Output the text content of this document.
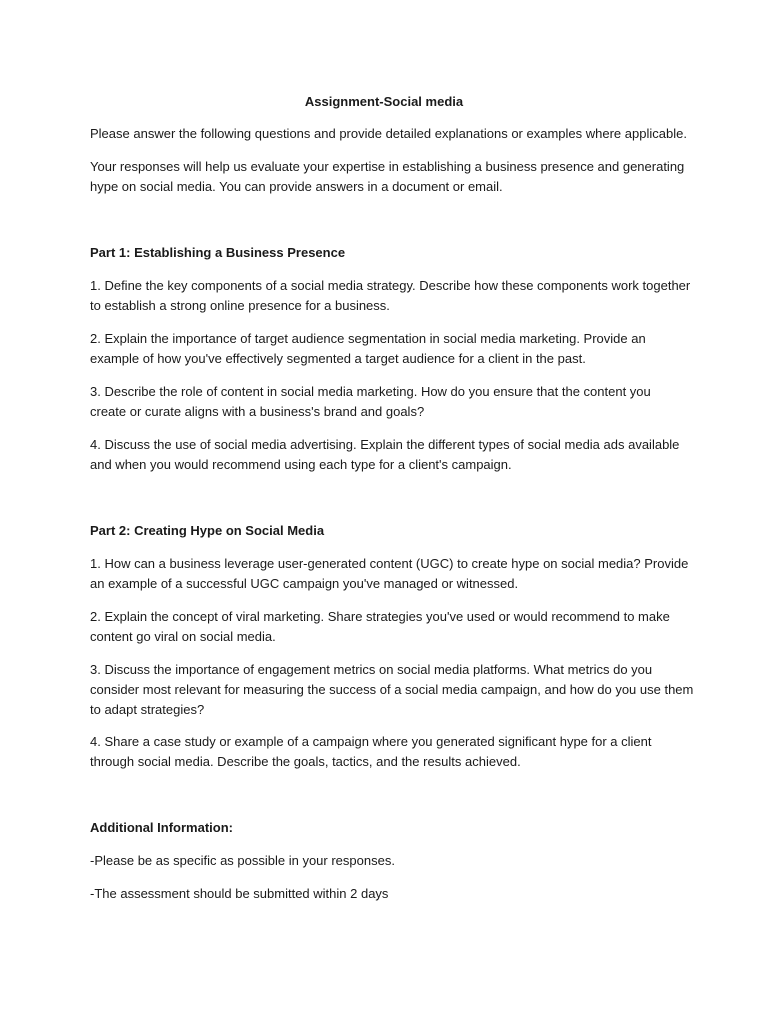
Assignment-Social media

Please answer the following questions and provide detailed explanations or examples where applicable.

Your responses will help us evaluate your expertise in establishing a business presence and generating

hype on social media. You can provide answers in a document or email.

Part 1: Establishing a Business Presence

1. Define the key components of a social media strategy. Describe how these components work together

to establish a strong online presence for a business.

2. Explain the importance of target audience segmentation in social media marketing. Provide an

example of how you've effectively segmented a target audience for a client in the past.

3. Describe the role of content in social media marketing. How do you ensure that the content you

create or curate aligns with a business's brand and goals?

4. Discuss the use of social media advertising. Explain the different types of social media ads available

and when you would recommend using each type for a client's campaign.

Part 2: Creating Hype on Social Media

1. How can a business leverage user-generated content (UGC) to create hype on social media? Provide

an example of a successful UGC campaign you've managed or witnessed.

2. Explain the concept of viral marketing. Share strategies you've used or would recommend to make

content go viral on social media.

3. Discuss the importance of engagement metrics on social media platforms. What metrics do you

consider most relevant for measuring the success of a social media campaign, and how do you use them

to adapt strategies?

4. Share a case study or example of a campaign where you generated significant hype for a client

through social media. Describe the goals, tactics, and the results achieved.

Additional Information:

-Please be as specific as possible in your responses.

-The assessment should be submitted within 2 days
